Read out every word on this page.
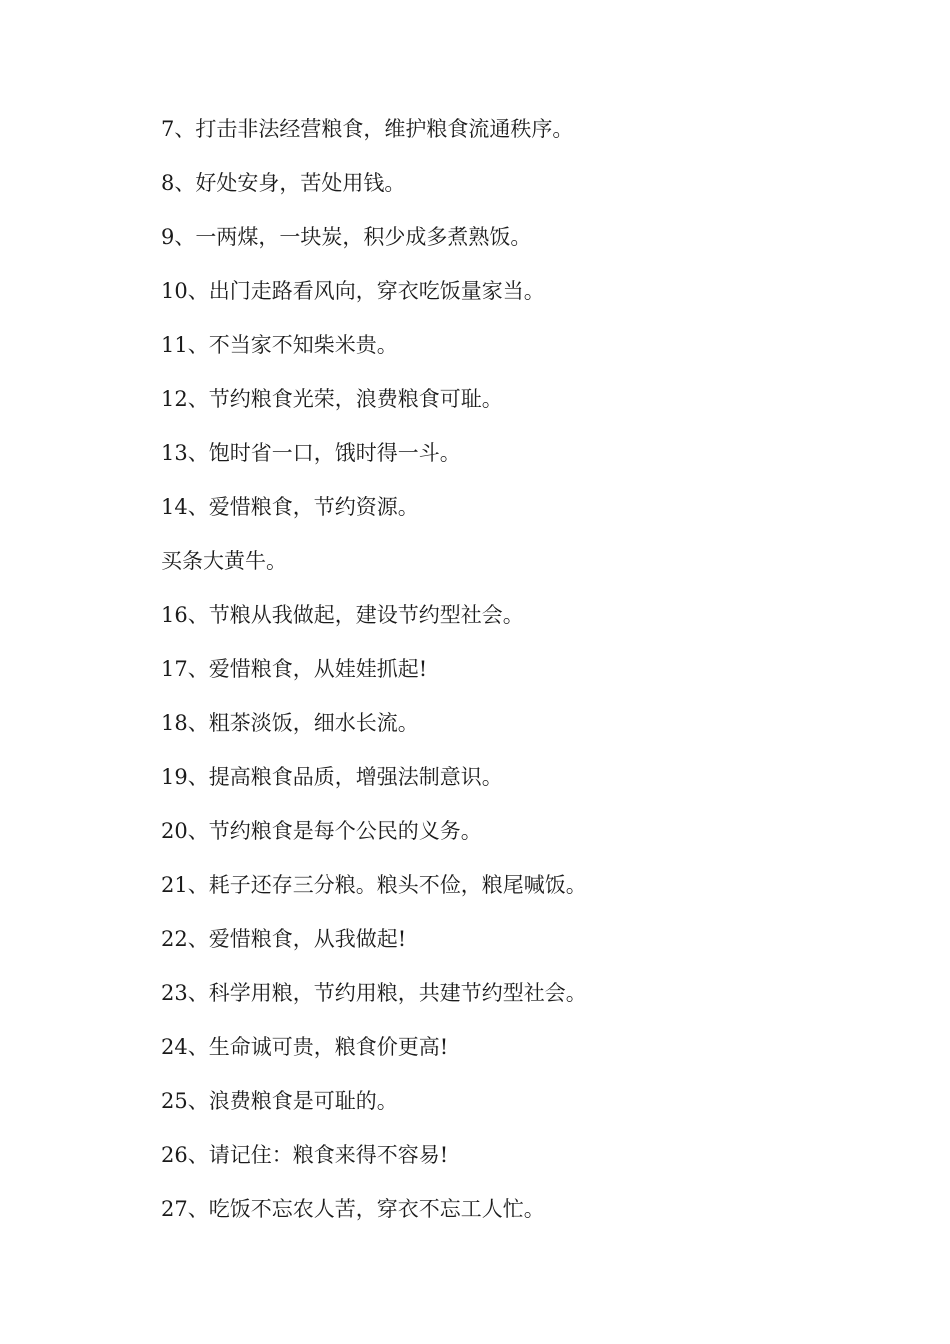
7、打击非法经营粮食，维护粮食流通秩序。
8、好处安身，苦处用钱。
9、一两煤，一块炭，积少成多煮熟饭。
10、出门走路看风向，穿衣吃饭量家当。
11、不当家不知柴米贵。
12、节约粮食光荣，浪费粮食可耻。
13、饱时省一口，饿时得一斗。
14、爱惜粮食，节约资源。
买条大黄牛。
16、节粮从我做起，建设节约型社会。
17、爱惜粮食，从娃娃抓起!
18、粗茶淡饭，细水长流。
19、提高粮食品质，增强法制意识。
20、节约粮食是每个公民的义务。
21、耗子还存三分粮。粮头不俭，粮尾喊饭。
22、爱惜粮食，从我做起!
23、科学用粮，节约用粮，共建节约型社会。
24、生命诚可贵，粮食价更高!
25、浪费粮食是可耻的。
26、请记住：粮食来得不容易!
27、吃饭不忘农人苦，穿衣不忘工人忙。
